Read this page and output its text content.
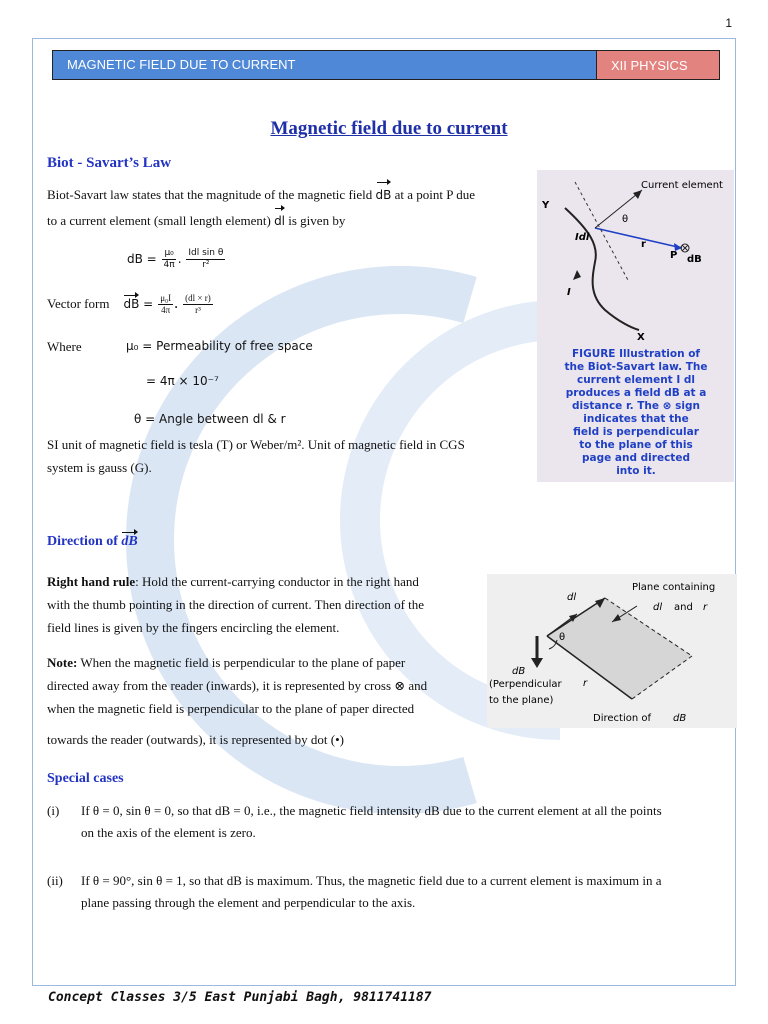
1
MAGNETIC FIELD DUE TO CURRENT	XII PHYSICS
Magnetic field due to current
Biot - Savart’s Law
Biot-Savart law states that the magnitude of the magnetic field dB at a point P due
to a current element (small length element) dl is given by
dB = $\frac{\text{μ₀}}{4\pi}$ . $\frac{\text{Idl sin θ}}{\text{r²}}$
Vector form dB = $\frac{\text{μ₀I}}{4\pi}$ . $\frac{(dl \times r)}{\text{r³}}$
Where	μ₀ = Permeability of free space
= 4π × 10⁻⁷
θ = Angle between dl & r
SI unit of magnetic field is tesla (T) or Weber/m². Unit of magnetic field in CGS
system is gauss (G).
Current element
Y
X
Idl
I
r
P dB
θ
FIGURE Illustration of
the Biot-Savart law. The
current element I dl
produces a field dB at a
distance r. The ⊗ sign
indicates that the
field is perpendicular
to the plane of this
page and directed
into it.
Direction of dB
Right hand rule: Hold the current-carrying conductor in the right hand
with the thumb pointing in the direction of current. Then direction of the
field lines is given by the fingers encircling the element.
Note: When the magnetic field is perpendicular to the plane of paper
directed away from the reader (inwards), it is represented by cross ⊗ and
when the magnetic field is perpendicular to the plane of paper directed
towards the reader (outwards), it is represented by dot (•)
Plane containing
dl and r
dl
θ
dB
r
(Perpendicular
to the plane)
Direction of dB
Special cases
(i) If θ = 0, sin θ = 0, so that dB = 0, i.e., the magnetic field intensity dB due to the current element at all the points
on the axis of the element is zero.
(ii) If θ = 90°, sin θ = 1, so that dB is maximum. Thus, the magnetic field due to a current element is maximum in a
plane passing through the element and perpendicular to the axis.
Concept Classes 3/5 East Punjabi Bagh, 9811741187
